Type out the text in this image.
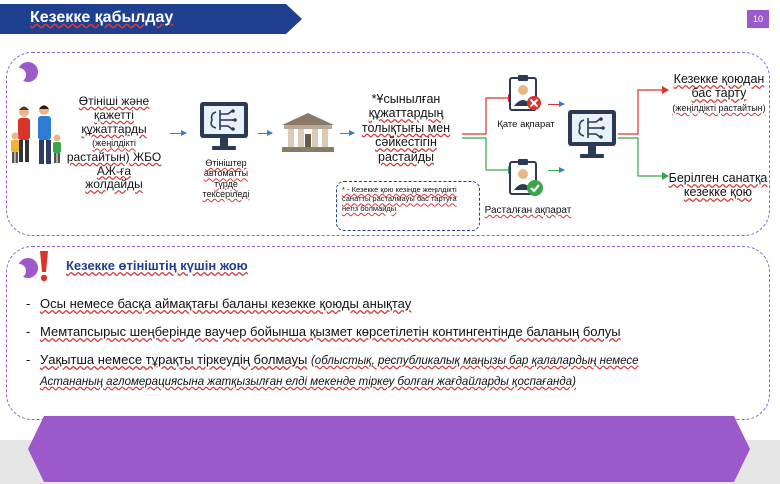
Кезекке қабылдау	10
Өтініші және
қажетті
құжаттарды
(жеңілдікті
растайтын) ЖБО
АЖ-ға
жолдайды
Өтініштер
автоматты түрде
тексеріледі
*Ұсынылған
құжаттардың
толықтығы мен
сәйкестігін
растайды
* - Кезекке қою кезінде жеңілдікті
санатты расталмауы бас тартуға
негіз болмайды
Қате ақпарат
Расталған ақпарат
Кезекке қоюдан
бас тарту
(жеңілдікті растайтын)
Берілген санатқа
кезекке қою
Кезекке өтініштің күшін жою
- Осы немесе басқа аймақтағы баланы кезекке қоюды анықтау
- Мемтапсырыс шеңберінде ваучер бойынша қызмет көрсетілетін контингентінде баланың болуы
- Уақытша немесе тұрақты тіркеудің болмауы (облыстық, республикалық маңызы бар қалалардың немесе
Астананың агломерациясына жатқызылған елді мекенде тіркеу болған жағдайларды қоспағанда)
